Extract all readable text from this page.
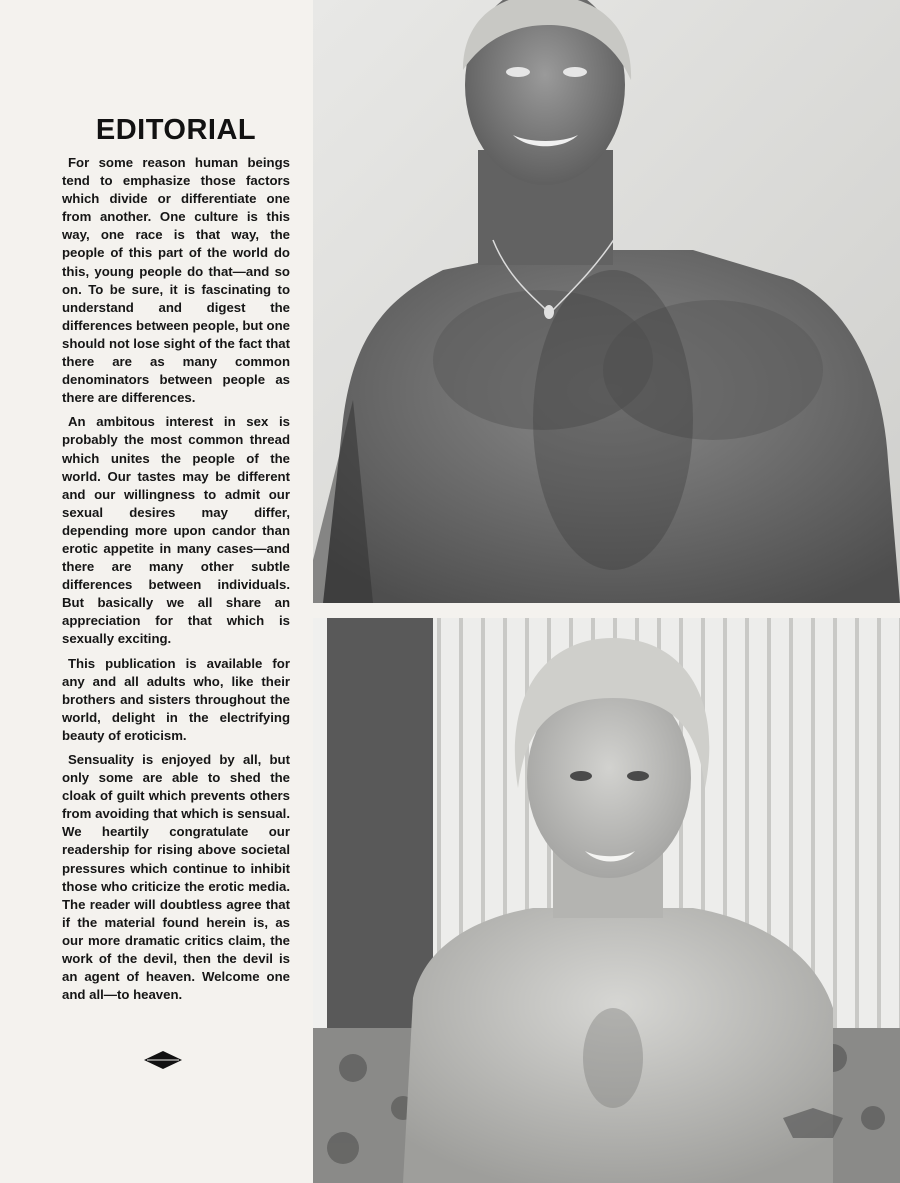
EDITORIAL

For some reason human beings tend to emphasize those factors which divide or differentiate one from another. One culture is this way, one race is that way, the people of this part of the world do this, young people do that—and so on. To be sure, it is fascinating to understand and digest the differences between people, but one should not lose sight of the fact that there are as many common denominators between people as there are differences.

An ambitous interest in sex is probably the most common thread which unites the people of the world. Our tastes may be different and our willingness to admit our sexual desires may differ, depending more upon candor than erotic appetite in many cases—and there are many other subtle differences between individuals. But basically we all share an appreciation for that which is sexually exciting.

This publication is available for any and all adults who, like their brothers and sisters throughout the world, delight in the electrifying beauty of eroticism.

Sensuality is enjoyed by all, but only some are able to shed the cloak of guilt which prevents others from avoiding that which is sensual. We heartily congratulate our readership for rising above societal pressures which continue to inhibit those who criticize the erotic media. The reader will doubtless agree that if the material found herein is, as our more dramatic critics claim, the work of the devil, then the devil is an agent of heaven. Welcome one and all—to heaven.
